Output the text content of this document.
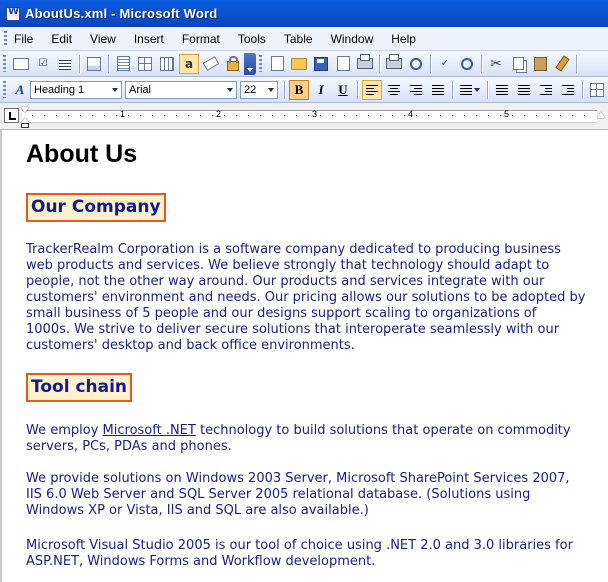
W
AboutUs.xml - Microsoft Word
File Edit View Insert Format Tools Table Window Help
☑	a	✓	✂
A Heading 1	Arial	22	B	I	U
1	2	3	4	5
About Us
Our Company
TrackerRealm Corporation is a software company dedicated to producing business
web products and services. We believe strongly that technology should adapt to
people, not the other way around. Our products and services integrate with our
customers' environment and needs. Our pricing allows our solutions to be adopted by
small business of 5 people and our designs support scaling to organizations of
1000s. We strive to deliver secure solutions that interoperate seamlessly with our
customers' desktop and back office environments.
Tool chain
We employ Microsoft .NET technology to build solutions that operate on commodity
servers, PCs, PDAs and phones.
We provide solutions on Windows 2003 Server, Microsoft SharePoint Services 2007,
IIS 6.0 Web Server and SQL Server 2005 relational database. (Solutions using
Windows XP or Vista, IIS and SQL are also available.)
Microsoft Visual Studio 2005 is our tool of choice using .NET 2.0 and 3.0 libraries for
ASP.NET, Windows Forms and Workflow development.
